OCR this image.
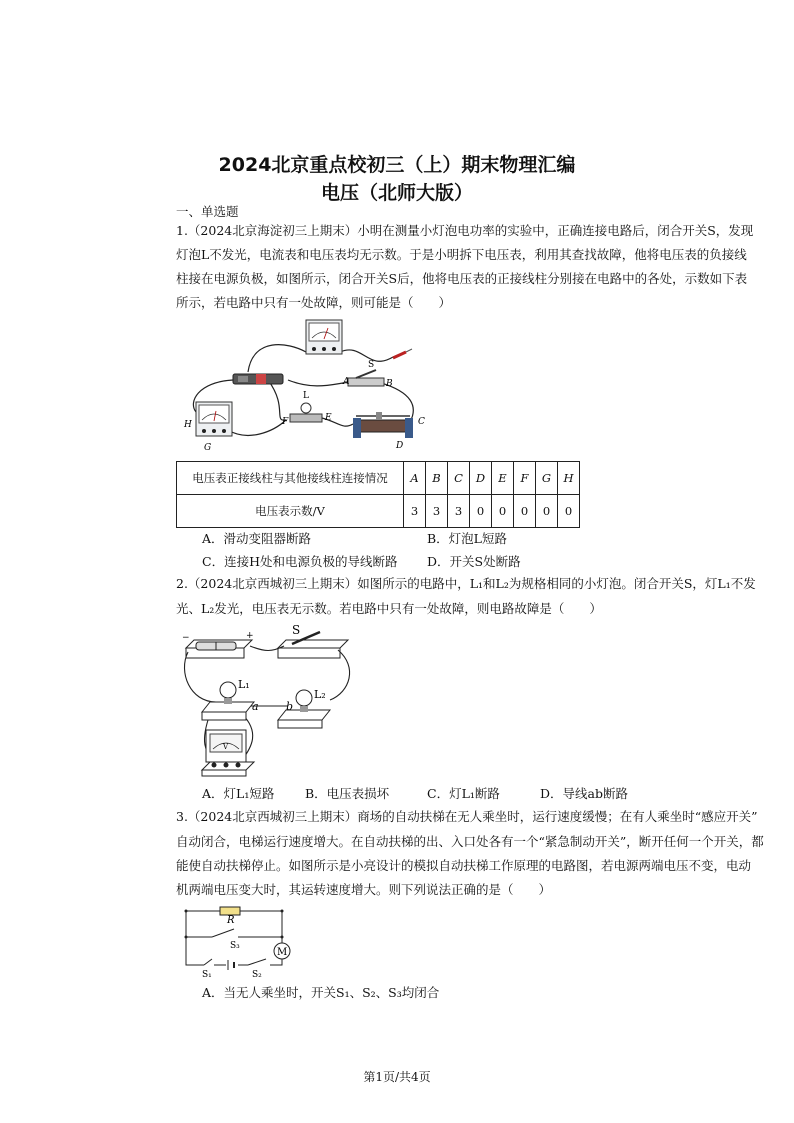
2024北京重点校初三（上）期末物理汇编
电压（北师大版）
一、单选题
1.（2024北京海淀初三上期末）小明在测量小灯泡电功率的实验中，正确连接电路后，闭合开关S，发现
灯泡L不发光，电流表和电压表均无示数。于是小明拆下电压表，利用其查找故障，他将电压表的负接线
柱接在电源负极，如图所示，闭合开关S后，他将电压表的正接线柱分别接在电路中的各处，示数如下表
所示，若电路中只有一处故障，则可能是（　　）
S
A	B
L
F	E	C
D
H
G
电压表正接线柱与其他接线柱连接情况	A	B	C	D	E	F	G	H
电压表示数/V	3	3	3	0	0	0	0	0
A．滑动变阻器断路	B．灯泡L短路
C．连接H处和电源负极的导线断路 D．开关S处断路
2.（2024北京西城初三上期末）如图所示的电路中，L₁和L₂为规格相同的小灯泡。闭合开关S，灯L₁不发
光、L₂发光，电压表无示数。若电路中只有一处故障，则电路故障是（　　）
−	+	S
L₁
a
L₂
b
V
A．灯L₁短路 B．电压表损坏	C．灯L₁断路	D．导线ab断路
3.（2024北京西城初三上期末）商场的自动扶梯在无人乘坐时，运行速度缓慢；在有人乘坐时“感应开关”
自动闭合，电梯运行速度增大。在自动扶梯的出、入口处各有一个“紧急制动开关”，断开任何一个开关，都
能使自动扶梯停止。如图所示是小亮设计的模拟自动扶梯工作原理的电路图，若电源两端电压不变，电动
机两端电压变大时，其运转速度增大。则下列说法正确的是（　　）
R
S₃
M
S₁	S₂
A．当无人乘坐时，开关S₁、S₂、S₃均闭合
第1页/共4页
